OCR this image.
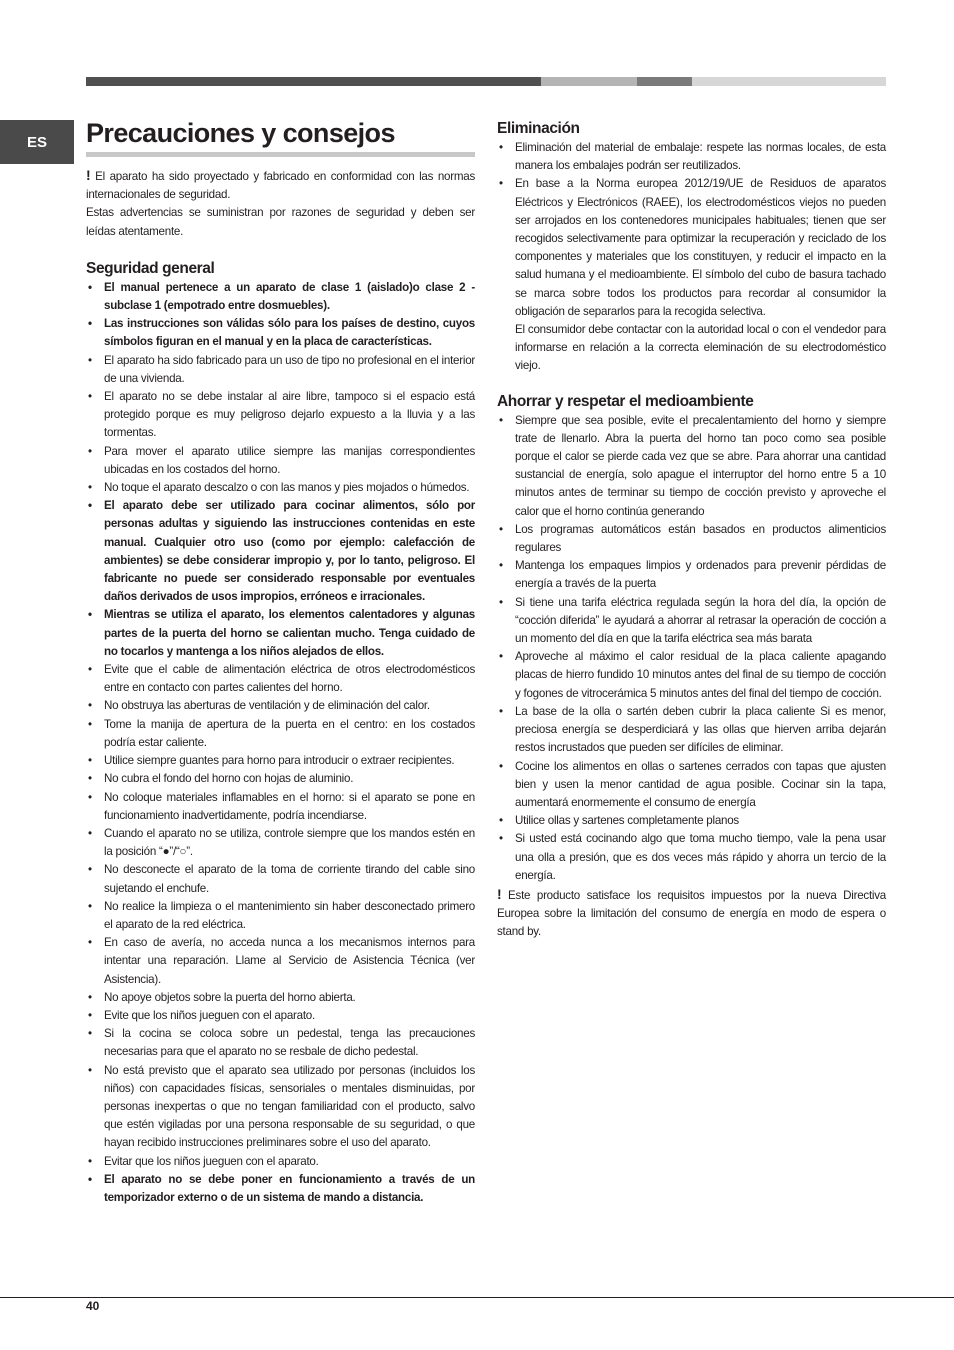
ES	Precauciones y consejos

! El aparato ha sido proyectado y fabricado en conformidad con las normas internacionales de seguridad.

Estas advertencias se suministran por razones de seguridad y deben ser leídas atentamente.

Seguridad general
• El manual pertenece a un aparato de clase 1 (aislado)o clase 2 - subclase 1 (empotrado entre dosmuebles).
• Las instrucciones son válidas sólo para los países de destino, cuyos símbolos figuran en el manual y en la placa de características.
• El aparato ha sido fabricado para un uso de tipo no profesional en el interior de una vivienda.
• El aparato no se debe instalar al aire libre, tampoco si el espacio está protegido porque es muy peligroso dejarlo expuesto a la lluvia y a las tormentas.
• Para mover el aparato utilice siempre las manijas correspondientes ubicadas en los costados del horno.
• No toque el aparato descalzo o con las manos y pies mojados o húmedos.
• El aparato debe ser utilizado para cocinar alimentos, sólo por personas adultas y siguiendo las instrucciones contenidas en este manual. Cualquier otro uso (como por ejemplo: calefacción de ambientes) se debe considerar impropio y, por lo tanto, peligroso. El fabricante no puede ser considerado responsable por eventuales daños derivados de usos impropios, erróneos e irracionales.
• Mientras se utiliza el aparato, los elementos calentadores y algunas partes de la puerta del horno se calientan mucho. Tenga cuidado de no tocarlos y mantenga a los niños alejados de ellos.
• Evite que el cable de alimentación eléctrica de otros electrodomésticos entre en contacto con partes calientes del horno.
• No obstruya las aberturas de ventilación y de eliminación del calor.
• Tome la manija de apertura de la puerta en el centro: en los costados podría estar caliente.
• Utilice siempre guantes para horno para introducir o extraer recipientes.
• No cubra el fondo del horno con hojas de aluminio.
• No coloque materiales inflamables en el horno: si el aparato se pone en funcionamiento inadvertidamente, podría incendiarse.
• Cuando el aparato no se utiliza, controle siempre que los mandos estén en la posición “●”/“○”.
• No desconecte el aparato de la toma de corriente tirando del cable sino sujetando el enchufe.
• No realice la limpieza o el mantenimiento sin haber desconectado primero el aparato de la red eléctrica.
• En caso de avería, no acceda nunca a los mecanismos internos para intentar una reparación. Llame al Servicio de Asistencia Técnica (ver Asistencia).
• No apoye objetos sobre la puerta del horno abierta.
• Evite que los niños jueguen con el aparato.
• Si la cocina se coloca sobre un pedestal, tenga las precauciones necesarias para que el aparato no se resbale de dicho pedestal.
• No está previsto que el aparato sea utilizado por personas (incluidos los niños) con capacidades físicas, sensoriales o mentales disminuidas, por personas inexpertas o que no tengan familiaridad con el producto, salvo que estén vigiladas por una persona responsable de su seguridad, o que hayan recibido instrucciones preliminares sobre el uso del aparato.
• Evitar que los niños jueguen con el aparato.
• El aparato no se debe poner en funcionamiento a través de un temporizador externo o de un sistema de mando a distancia.
Eliminación
• Eliminación del material de embalaje: respete las normas locales, de esta manera los embalajes podrán ser reutilizados.
• En base a la Norma europea 2012/19/UE de Residuos de aparatos Eléctricos y Electrónicos (RAEE), los electrodomésticos viejos no pueden ser arrojados en los contenedores municipales habituales; tienen que ser recogidos selectivamente para optimizar la recuperación y reciclado de los componentes y materiales que los constituyen, y reducir el impacto en la salud humana y el medioambiente. El símbolo del cubo de basura tachado se marca sobre todos los productos para recordar al consumidor la obligación de separarlos para la recogida selectiva.

El consumidor debe contactar con la autoridad local o con el vendedor para informarse en relación a la correcta eleminación de su electrodoméstico viejo.

Ahorrar y respetar el medioambiente
• Siempre que sea posible, evite el precalentamiento del horno y siempre trate de llenarlo. Abra la puerta del horno tan poco como sea posible porque el calor se pierde cada vez que se abre. Para ahorrar una cantidad sustancial de energía, solo apague el interruptor del horno entre 5 a 10 minutos antes de terminar su tiempo de cocción previsto y aproveche el calor que el horno continúa generando
• Los programas automáticos están basados en productos alimenticios regulares
• Mantenga los empaques limpios y ordenados para prevenir pérdidas de energía a través de la puerta
• Si tiene una tarifa eléctrica regulada según la hora del día, la opción de “cocción diferida” le ayudará a ahorrar al retrasar la operación de cocción a un momento del día en que la tarifa eléctrica sea más barata
• Aproveche al máximo el calor residual de la placa caliente apagando placas de hierro fundido 10 minutos antes del final de su tiempo de cocción y fogones de vitrocerámica 5 minutos antes del final del tiempo de cocción.
• La base de la olla o sartén deben cubrir la placa caliente Si es menor, preciosa energía se desperdiciará y las ollas que hierven arriba dejarán restos incrustados que pueden ser difíciles de eliminar.
• Cocine los alimentos en ollas o sartenes cerrados con tapas que ajusten bien y usen la menor cantidad de agua posible. Cocinar sin la tapa, aumentará enormemente el consumo de energía
• Utilice ollas y sartenes completamente planos
• Si usted está cocinando algo que toma mucho tiempo, vale la pena usar una olla a presión, que es dos veces más rápido y ahorra un tercio de la energía.

! Este producto satisface los requisitos impuestos por la nueva Directiva Europea sobre la limitación del consumo de energía en modo de espera o stand by.

40
